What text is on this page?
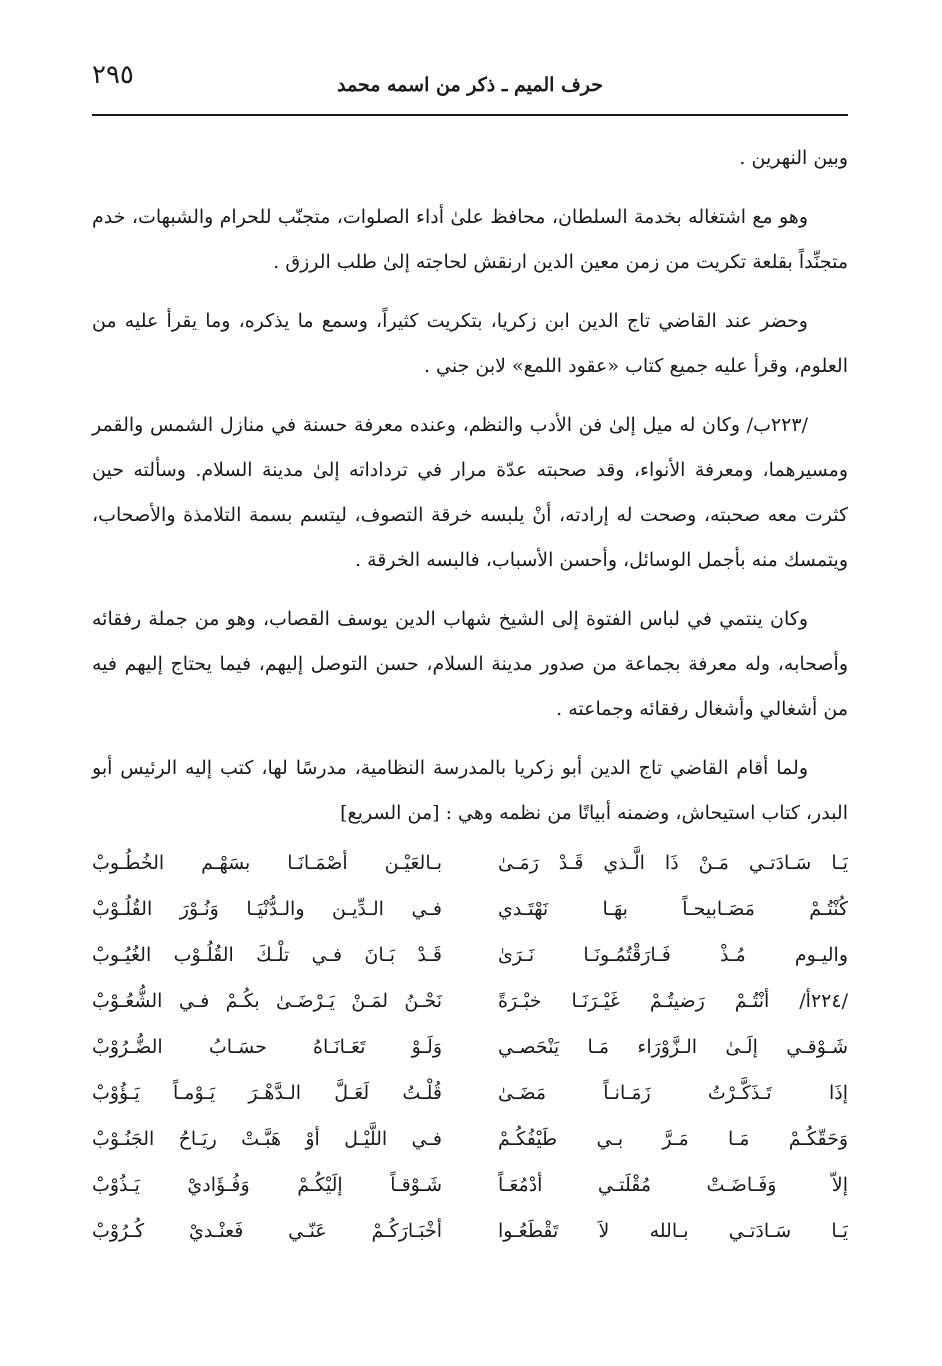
٢٩٥	حرف الميم ـ ذكر من اسمه محمد

وبين النهرين .

وهو مع اشتغاله بخدمة السلطان، محافظ علىٰ أداء الصلوات، متجنّب للحرام والشبهات، خدم متجنِّداً بقلعة تكريت من زمن معين الدين ارنقش لحاجته إلىٰ طلب الرزق .

وحضر عند القاضي تاج الدين ابن زكريا، بتكريت كثيراً، وسمع ما يذكره، وما يقرأ عليه من العلوم، وقرأ عليه جميع كتاب «عقود اللمع» لابن جني .

/٢٢٣ب/ وكان له ميل إلىٰ فن الأدب والنظم، وعنده معرفة حسنة في منازل الشمس والقمر ومسيرهما، ومعرفة الأنواء، وقد صحبته عدّة مرار في ترداداته إلىٰ مدينة السلام. وسألته حين كثرت معه صحبته، وصحت له إرادته، أنْ يلبسه خرقة التصوف، ليتسم بسمة التلامذة والأصحاب، ويتمسك منه بأجمل الوسائل، وأحسن الأسباب، فالبسه الخرقة .

وكان ينتمي في لباس الفتوة إلى الشيخ شهاب الدين يوسف القصاب، وهو من جملة رفقائه وأصحابه، وله معرفة بجماعة من صدور مدينة السلام، حسن التوصل إليهم، فيما يحتاج إليهم فيه من أشغالي وأشغال رفقائه وجماعته .

ولما أقام القاضي تاج الدين أبو زكريا بالمدرسة النظامية، مدرسًا لها، كتب إليه الرئيس أبو البدر، كتاب استيحاش، وضمنه أبياتًا من نظمه وهي : [من السريع]

يَـا سَـادَتـي مَـنْ ذَا الَّـذي قَـدْ رَمَـىٰ
بـالعَيْـن أصْمَـانَـا بسَهْـم الخُطُـوبْ
كُنْتُـمْ مَصَـابيحـاً بهَـا نَهْتَـدي
فـي الـدِّيـن والـدُّنْيَـا وَنُـوْرَ القُلُـوْبْ
واليـوم مُـذْ فَـارَقْتُمُـونَـا نَـرَىٰ
قَـدْ بَـانَ فـي تلْـكَ القُلُـوْب الغُيُـوبْ
/٢٢٤أ/ أنْتُـمْ رَضيتُـمْ غَيْـرَنَـا خبْـرَةً
نَحْـنُ لمَـنْ يَـرْضَـىٰ بكُـمْ فـي الشُّعُـوْبْ
شَـوْقـي إلَـىٰ الـزَّوْرَاء مَـا يَنْحَصـي
وَلَـوْ تَعَـانَـاهُ حسَـابُ الضُّـرُوْبْ
إذَا تَـذَكَّـرْتُ زَمَـانـاً مَضَـىٰ
قُلْـتُ لَعَـلَّ الـدَّهْـرَ يَـوْمـاً يَـؤُوْبْ
وَحَقّكُـمْ مَـا مَـرَّ بـي طَيْفُكُـمْ
فـي اللَّيْـل أوْ هَبَّـتْ ريَـاحُ الجَنُـوْبْ
إلاّ وَفَـاضَـتْ مُقْلَتـي أدْمُعَـاً
شَـوْقـاً إلَيْكُـمْ وَفُـؤَاديْ يَـذُوْبْ
يَـا سَـادَتـي بـالله لاَ تَقْطَعُـوا
أخْبَـارَكُـمْ عَنّـي فَعنْـديْ كُـرُوْبْ
